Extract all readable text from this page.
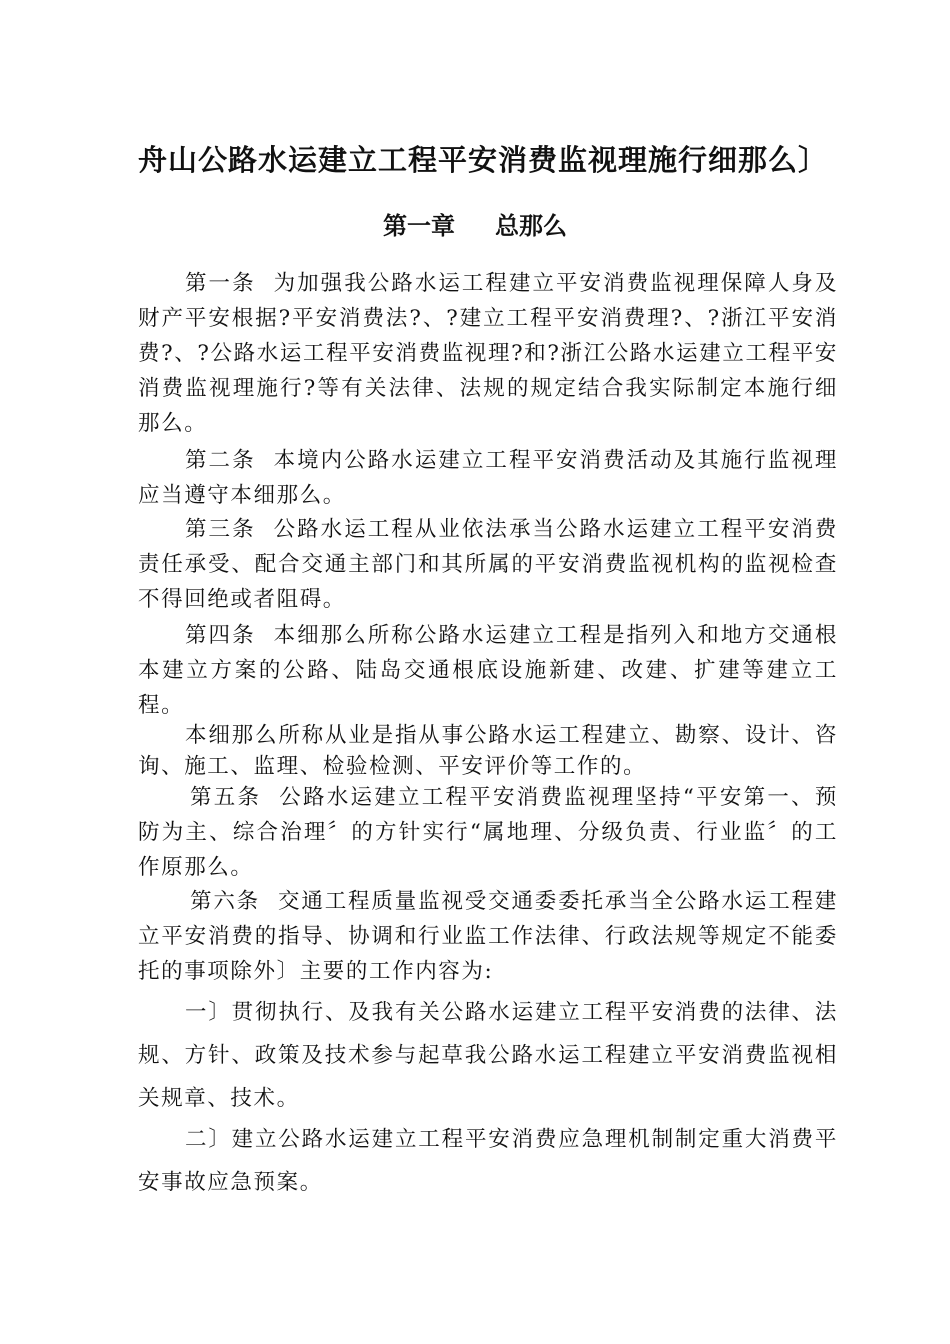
舟山公路水运建立工程平安消费监视理施行细那么〕
第一章 总那么

第一条 为加强我公路水运工程建立平安消费监视理保障人身及财产平安根据?平安消费法?、?建立工程平安消费理?、?浙江平安消费?、?公路水运工程平安消费监视理?和?浙江公路水运建立工程平安消费监视理施行?等有关法律、法规的规定结合我实际制定本施行细那么。

第二条 本境内公路水运建立工程平安消费活动及其施行监视理应当遵守本细那么。

第三条 公路水运工程从业依法承当公路水运建立工程平安消费责任承受、配合交通主部门和其所属的平安消费监视机构的监视检查不得回绝或者阻碍。

第四条 本细那么所称公路水运建立工程是指列入和地方交通根本建立方案的公路、陆岛交通根底设施新建、改建、扩建等建立工程。

本细那么所称从业是指从事公路水运工程建立、勘察、设计、咨询、施工、监理、检验检测、平安评价等工作的。

第五条 公路水运建立工程平安消费监视理坚持“平安第一、预防为主、综合治理〞的方针实行“属地理、分级负责、行业监〞的工作原那么。

第六条 交通工程质量监视受交通委委托承当全公路水运工程建立平安消费的指导、协调和行业监工作法律、行政法规等规定不能委托的事项除外〕主要的工作内容为:

一〕贯彻执行、及我有关公路水运建立工程平安消费的法律、法规、方针、政策及技术参与起草我公路水运工程建立平安消费监视相关规章、技术。

二〕建立公路水运建立工程平安消费应急理机制制定重大消费平安事故应急预案。
